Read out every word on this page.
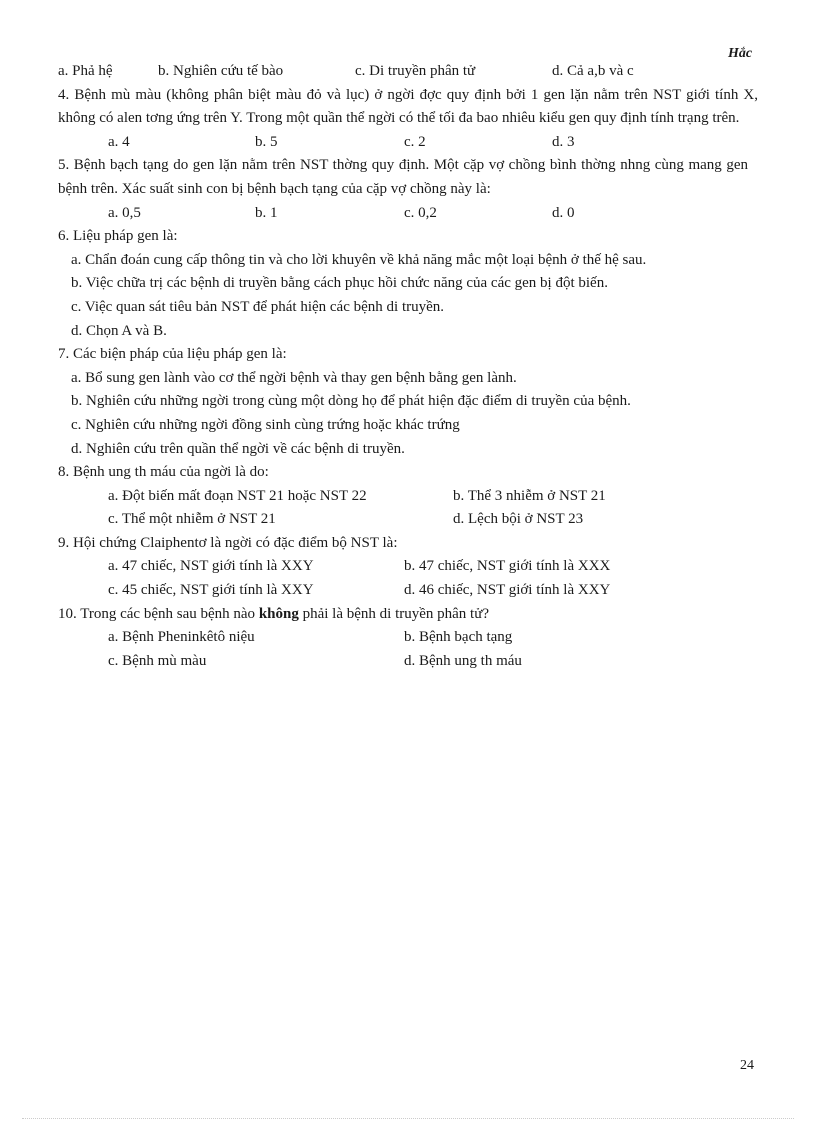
Hắc
a. Phả hệ	b. Nghiên cứu tế bào	c. Di truyền phân tử	d. Cả a,b và c
4. Bệnh mù màu (không phân biệt màu đỏ và lục) ở ngời đợc quy định bởi 1 gen lặn nằm trên NST giới tính X, không có alen tơng ứng trên Y. Trong một quần thể ngời có thể tối đa bao nhiêu kiểu gen quy định tính trạng trên.
a. 4	b. 5	c. 2	d. 3
5. Bệnh bạch tạng do gen lặn nằm trên NST thờng quy định. Một cặp vợ chồng bình thờng nhng cùng mang gen bệnh trên. Xác suất sinh con bị bệnh bạch tạng của cặp vợ chồng này là:
a. 0,5	b. 1	c. 0,2	d. 0
6. Liệu pháp gen là:
a. Chẩn đoán cung cấp thông tin và cho lời khuyên về khả năng mắc một loại bệnh ở thế hệ sau.
b. Việc chữa trị các bệnh di truyền bằng cách phục hồi chức năng của các gen bị đột biến.
c. Việc quan sát tiêu bản NST để phát hiện các bệnh di truyền.
d. Chọn A và B.
7. Các biện pháp của liệu pháp gen là:
a. Bổ sung gen lành vào cơ thể ngời bệnh và thay gen bệnh bằng gen lành.
b. Nghiên cứu những ngời trong cùng một dòng họ để phát hiện đặc điểm di truyền của bệnh.
c. Nghiên cứu những ngời đồng sinh cùng trứng hoặc khác trứng
d. Nghiên cứu trên quần thể ngời về các bệnh di truyền.
8. Bệnh ung th máu của ngời là do:
a. Đột biến mất đoạn NST 21 hoặc NST 22	b. Thể 3 nhiễm ở NST 21
c. Thể một nhiễm ở NST 21	d. Lệch bội ở NST 23
9. Hội chứng Claiphentơ là ngời có đặc điểm bộ NST là:
a. 47 chiếc, NST giới tính là XXY	b. 47 chiếc, NST giới tính là XXX
c. 45 chiếc, NST giới tính là XXY	d. 46 chiếc, NST giới tính là XXY
10. Trong các bệnh sau bệnh nào không phải là bệnh di truyền phân tử?
a. Bệnh Pheninkêtô niệu	b. Bệnh bạch tạng
c. Bệnh mù màu	d. Bệnh ung th máu
24
